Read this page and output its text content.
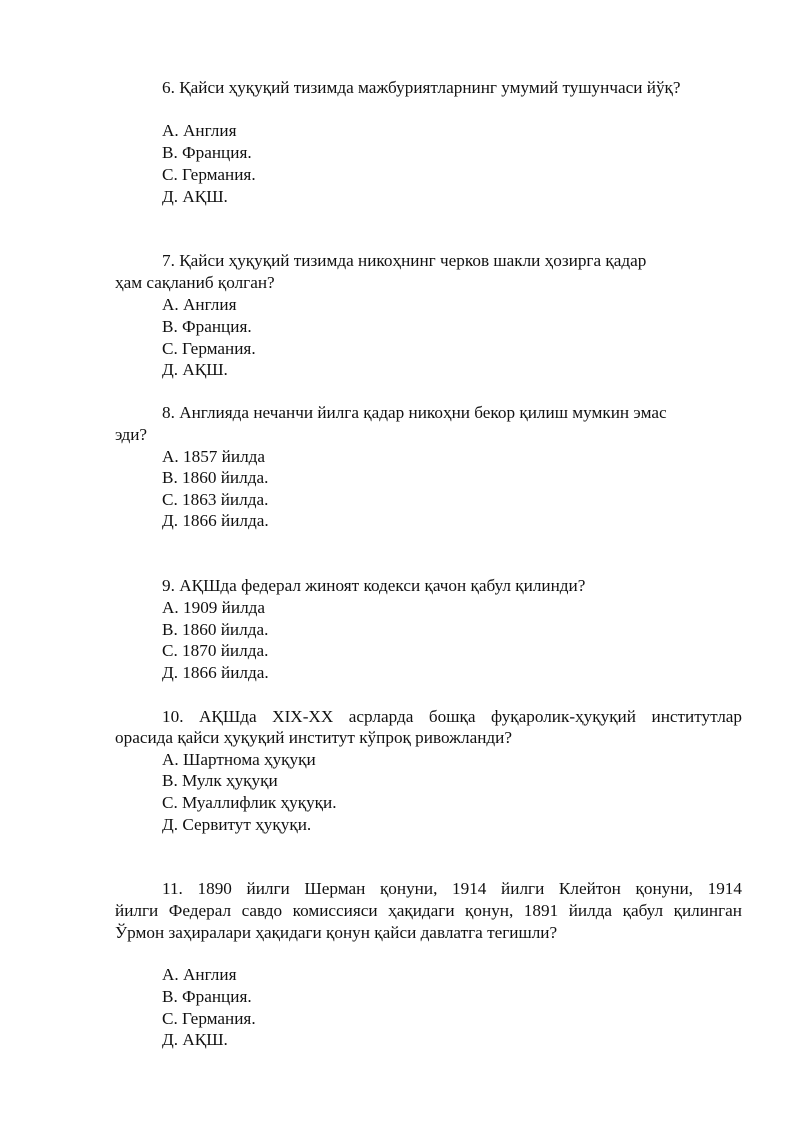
6. Қайси ҳуқуқий тизимда мажбуриятларнинг умумий тушунчаси йўқ?
А. Англия
В. Франция.
С. Германия.
Д. АҚШ.
7. Қайси ҳуқуқий тизимда никоҳнинг черков шакли ҳозирга қадар
ҳам сақланиб қолган?
А. Англия
В. Франция.
С. Германия.
Д. АҚШ.
8. Англияда нечанчи йилга қадар никоҳни бекор қилиш мумкин эмас
эди?
А. 1857 йилда
В. 1860 йилда.
С. 1863 йилда.
Д. 1866 йилда.
9. АҚШда федерал жиноят кодекси қачон қабул қилинди?
А. 1909 йилда
В. 1860 йилда.
С. 1870 йилда.
Д. 1866 йилда.
10. АҚШда XIX-XX асрларда бошқа фуқаролик-ҳуқуқий институтлар
орасида қайси ҳуқуқий институт кўпроқ ривожланди?
А. Шартнома ҳуқуқи
В. Мулк ҳуқуқи
С. Муаллифлик ҳуқуқи.
Д. Сервитут ҳуқуқи.
11. 1890 йилги Шерман қонуни, 1914 йилги Клейтон қонуни, 1914
йилги Федерал савдо комиссияси ҳақидаги қонун, 1891 йилда қабул қилинган
Ўрмон заҳиралари ҳақидаги қонун қайси давлатга тегишли?
А. Англия
В. Франция.
С. Германия.
Д. АҚШ.
